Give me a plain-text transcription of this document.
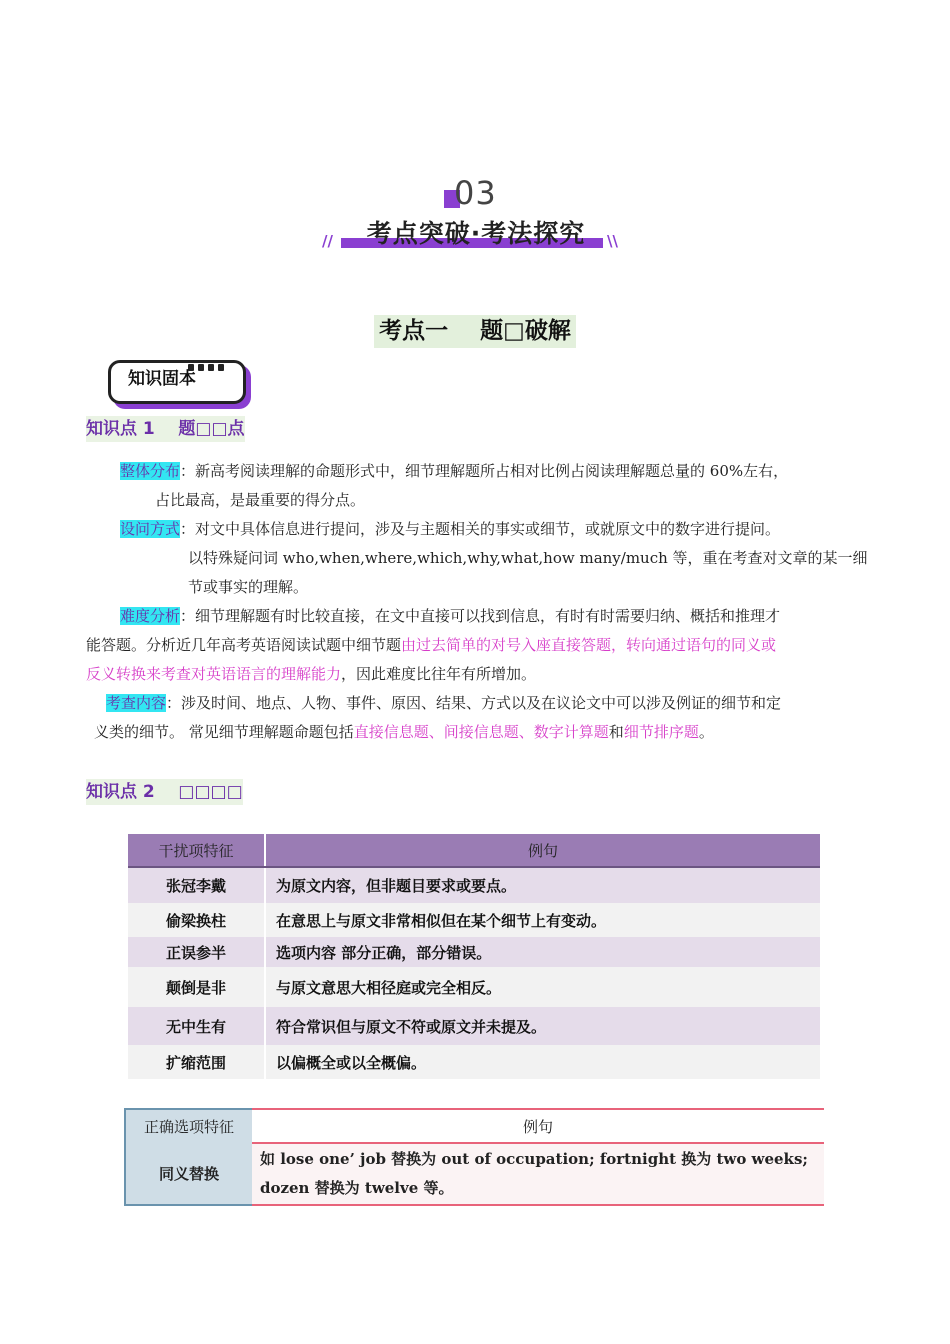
03
//	考点突破·考法探究	\\
考点一    题□破解
知识固本
知识点 1    题□□点
整体分布：新高考阅读理解的命题形式中，细节理解题所占相对比例占阅读理解题总量的 60%左右，
占比最高，是最重要的得分点。
设问方式：对文中具体信息进行提问，涉及与主题相关的事实或细节，或就原文中的数字进行提问。
以特殊疑问词 who,when,where,which,why,what,how many/much 等，重在考查对文章的某一细
节或事实的理解。
难度分析：细节理解题有时比较直接，在文中直接可以找到信息，有时有时需要归纳、概括和推理才
能答题。分析近几年高考英语阅读试题中细节题由过去简单的对号入座直接答题，转向通过语句的同义或
反义转换来考查对英语语言的理解能力，因此难度比往年有所增加。
考查内容：涉及时间、地点、人物、事件、原因、结果、方式以及在议论文中可以涉及例证的细节和定
义类的细节。 常见细节理解题命题包括直接信息题、间接信息题、数字计算题和细节排序题。
知识点 2    □□□□
干扰项特征	例句
张冠李戴	为原文内容，但非题目要求或要点。
偷梁换柱	在意思上与原文非常相似但在某个细节上有变动。
正误参半	选项内容 部分正确，部分错误。
颠倒是非	与原文意思大相径庭或完全相反。
无中生有	符合常识但与原文不符或原文并未提及。
扩缩范围	以偏概全或以全概偏。
正确选项特征	例句
同义替换	如 lose one’ job 替换为 out of occupation; fortnight 换为 two weeks; dozen 替换为 twelve 等。
